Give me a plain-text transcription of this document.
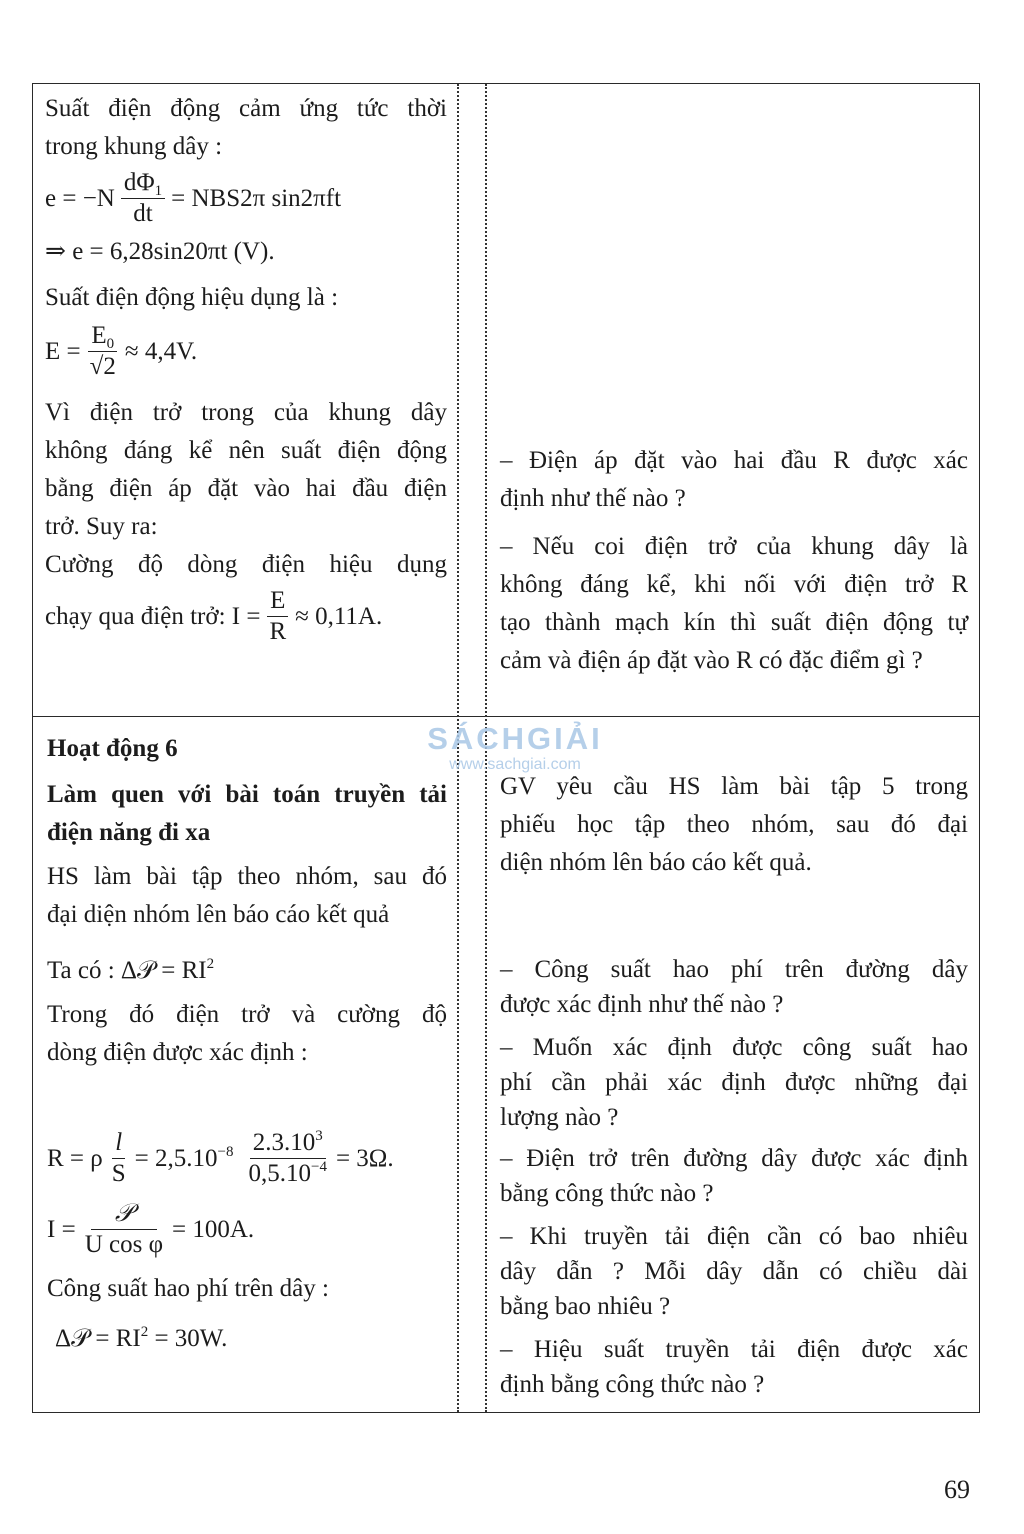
Suất điện động cảm ứng tức thời

trong khung dây :

$e = -N \frac{d\Phi_1}{dt} = NBS2\pi$ sin2πft

⇒ e = 6,28sin20πt (V).

Suất điện động hiệu dụng là :

$E = \frac{E_0}{√2} \approx 4,4V$.

Vì điện trở trong của khung dây

không đáng kể nên suất điện động

bằng điện áp đặt vào hai đầu điện

trở. Suy ra:

Cường độ dòng điện hiệu dụng

chạy qua điện trở: $I = \frac{E}{R} \approx 0,11A$.

– Điện áp đặt vào hai đầu R được xác

định như thế nào ?

– Nếu coi điện trở của khung dây là

không đáng kể, khi nối với điện trở R

tạo thành mạch kín thì suất điện động tự

cảm và điện áp đặt vào R có đặc điểm gì ?

Hoạt động 6

Làm quen với bài toán truyền tải

điện năng đi xa

HS làm bài tập theo nhóm, sau đó

đại diện nhóm lên báo cáo kết quả

Ta có : Δ𝒫 = $RI^2$

Trong đó điện trở và cường độ

dòng điện được xác định :

R = ρ $\frac{l}{S} = 2,5.10^{-8} \frac{2.3.10^3}{0,5.10^{-4}} = 3\Omega$.
$I = \frac{\text{𝒫}}{\text{U cos φ}} = 100A$.

Công suất hao phí trên dây :

Δ𝒫 = $RI^2 = 30W$.

GV yêu cầu HS làm bài tập 5 trong

phiếu học tập theo nhóm, sau đó đại

diện nhóm lên báo cáo kết quả.

– Công suất hao phí trên đường dây

được xác định như thế nào ?

– Muốn xác định được công suất hao

phí cần phải xác định được những đại

lượng nào ?

– Điện trở trên đường dây được xác định

bằng công thức nào ?

– Khi truyền tải điện cần có bao nhiêu

dây dẫn ? Mỗi dây dẫn có chiều dài

bằng bao nhiêu ?

– Hiệu suất truyền tải điện được xác

định bằng công thức nào ?

SÁCHGIẢI
www.sachgiai.com
69
